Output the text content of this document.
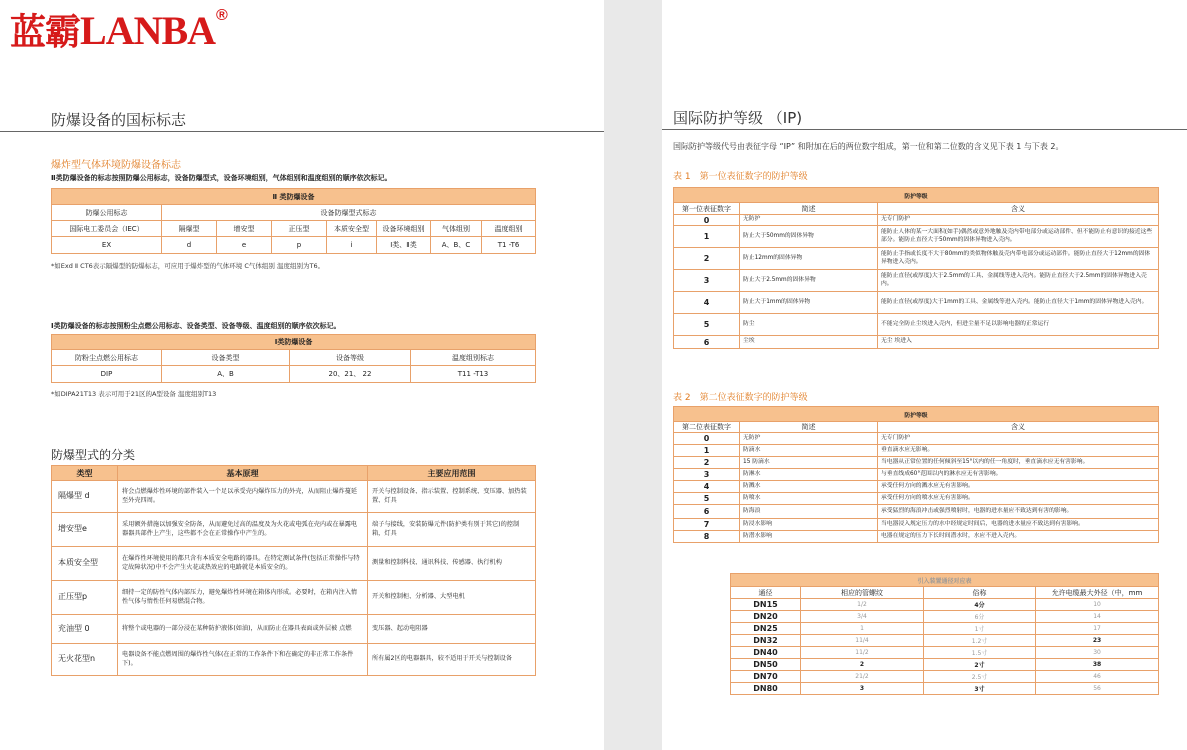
蓝霸LANBA®
防爆设备的国标标志
爆炸型气体环境防爆设备标志
Ⅱ类防爆设备的标志按照防爆公用标志，设备防爆型式，设备环境组别，气体组别和温度组别的顺序依次标记。
Ⅱ 类防爆设备							
防爆公用标志	设备防爆型式标志						
国际电工委员会（IEC）	隔爆型	增安型	正压型	本质安全型	设备环境组别	气体组别	温度组别
EX	d	e	p	i	Ⅰ类、Ⅱ类	A、B、C	T1 -T6
*如Exd Ⅱ CT6表示隔爆型的防爆标志，可应用于爆炸型的气体环境 C气体组别 温度组别为T6。
Ⅰ类防爆设备的标志按照粉尘点燃公用标志、设备类型、设备等级、温度组别的顺序依次标记。
Ⅰ类防爆设备			
防粉尘点燃公用标志	设备类型	设备等级	温度组别标志
DIP	A、B	20、21、 22	T11 -T13
*如DIPA21T13 表示可用于21区的A型设备 温度组别T13
防爆型式的分类
类型	基本原理	主要应用范围
隔爆型 d	将会点燃爆炸性环境的部件装入一个足以承受壳内爆炸压力的外壳，从而阻止爆炸蔓延至外壳四周。	开关与控制设备、指示装置、控制系统、变压器、加热装置、灯具
增安型e	采用额外措施以加强安全防备，从而避免过高的温度及为火花或电弧在壳内或在暴露电器器具部件上产生，这些都不会在正常操作中产生的。	端子与接线，安装防爆元件(防护类有别于其它)的控制箱，灯具
本质安全型	在爆炸性环境使用的都只含有本质安全电路的器具。在特定测试条件(包括正常操作与特定故障状况)中不会产生火花或热效应的电路就是本质安全的。	测量和控制科技、通讯科技、传感器、执行机构
正压型p	细持一定的防性气体内部压力，避免爆炸性环境在箱体内形成。必要时，在箱内注入惰性气体与惰性任何易燃混合物。	开关和控制柜、分析器、大型电机
充油型 0	将整个或电器的一部分浸在某种防护液体(如油)，从而防止在器具表面或外层被 点燃	变压器、起动电阻器
无火花型n	电器设备不能点燃周围的爆炸性气体(在正常的工作条件下和在确定的非正常工作条件下)。	所有属2区的电器器具，较不适用于开关与控制设备
国际防护等级 （IP)
国际防护等级代号由表征字母 “IP” 和附加在后的两位数字组成，第一位和第二位数的含义见下表 1 与下表 2。
表 1　第一位表征数字的防护等级
防护等级		
第一位表征数字	简述	含义
0	无防护	无专门防护
1	防止大于50mm的固体异物	能防止人体的某一大面积(如手)偶然或意外地触及壳内带电部分或运动部件、但不能防止有意识的接近这些部分。能防止直径大于50mm的固体异物进入壳内。
2	防止12mm的固体异物	能防止手指或长度不大于80mm的类似物体触及壳内带电部分或运动部件。能防止直径大于12mm的固体异物进入壳内。
3	防止大于2.5mm的固体异物	能防止直径(或厚度)大于2.5mm的工具、金属线等进入壳内。能防止直径大于2.5mm的固体异物进入壳内。
4	防止大于1mm的固体异物	能防止直径(或厚度)大于1mm的工具、金属线等进入壳内。能防止直径大于1mm的固体异物进入壳内。
5	防尘	不能完全防止尘埃进入壳内，但进尘量不足以影响电器的正常运行
6	尘埃	无尘 埃进入
表 2　第二位表征数字的防护等级
防护等级		
第二位表征数字	简述	含义
0	无防护	无专门防护
1	防滴水	垂直滴水应无影响。
2	15 防滴水	当电器从正常位置的任何倾斜至15°以内的任一角度时，垂直滴水应无有害影响。
3	防淋水	与垂直线成60°范围以内的淋水应无有害影响。
4	防溅水	承受任何方向的溅水应无有害影响。
5	防喷水	承受任何方向的喷水应无有害影响。
6	防海浪	承受猛烈的海浪冲击或强烈喷射时，电器的进水量应不致达到有害的影响。
7	防浸水影响	当电器浸入规定压力的水中经规定时间后，电器的进水量应不致达到有害影响。
8	防潜水影响	电器在规定的压力下长时间潜水时，水应不进入壳内。
引入装置通径对应表			
通径	相应的管螺纹	俗称	允许电缆最大外径（中，mm
DN15	1/2	4分	10
DN20	3/4	6分	14
DN25	1	1寸	17
DN32	11/4	1.2寸	23
DN40	11/2	1.5寸	30
DN50	2	2寸	38
DN70	21/2	2.5寸	46
DN80	3	3寸	56
